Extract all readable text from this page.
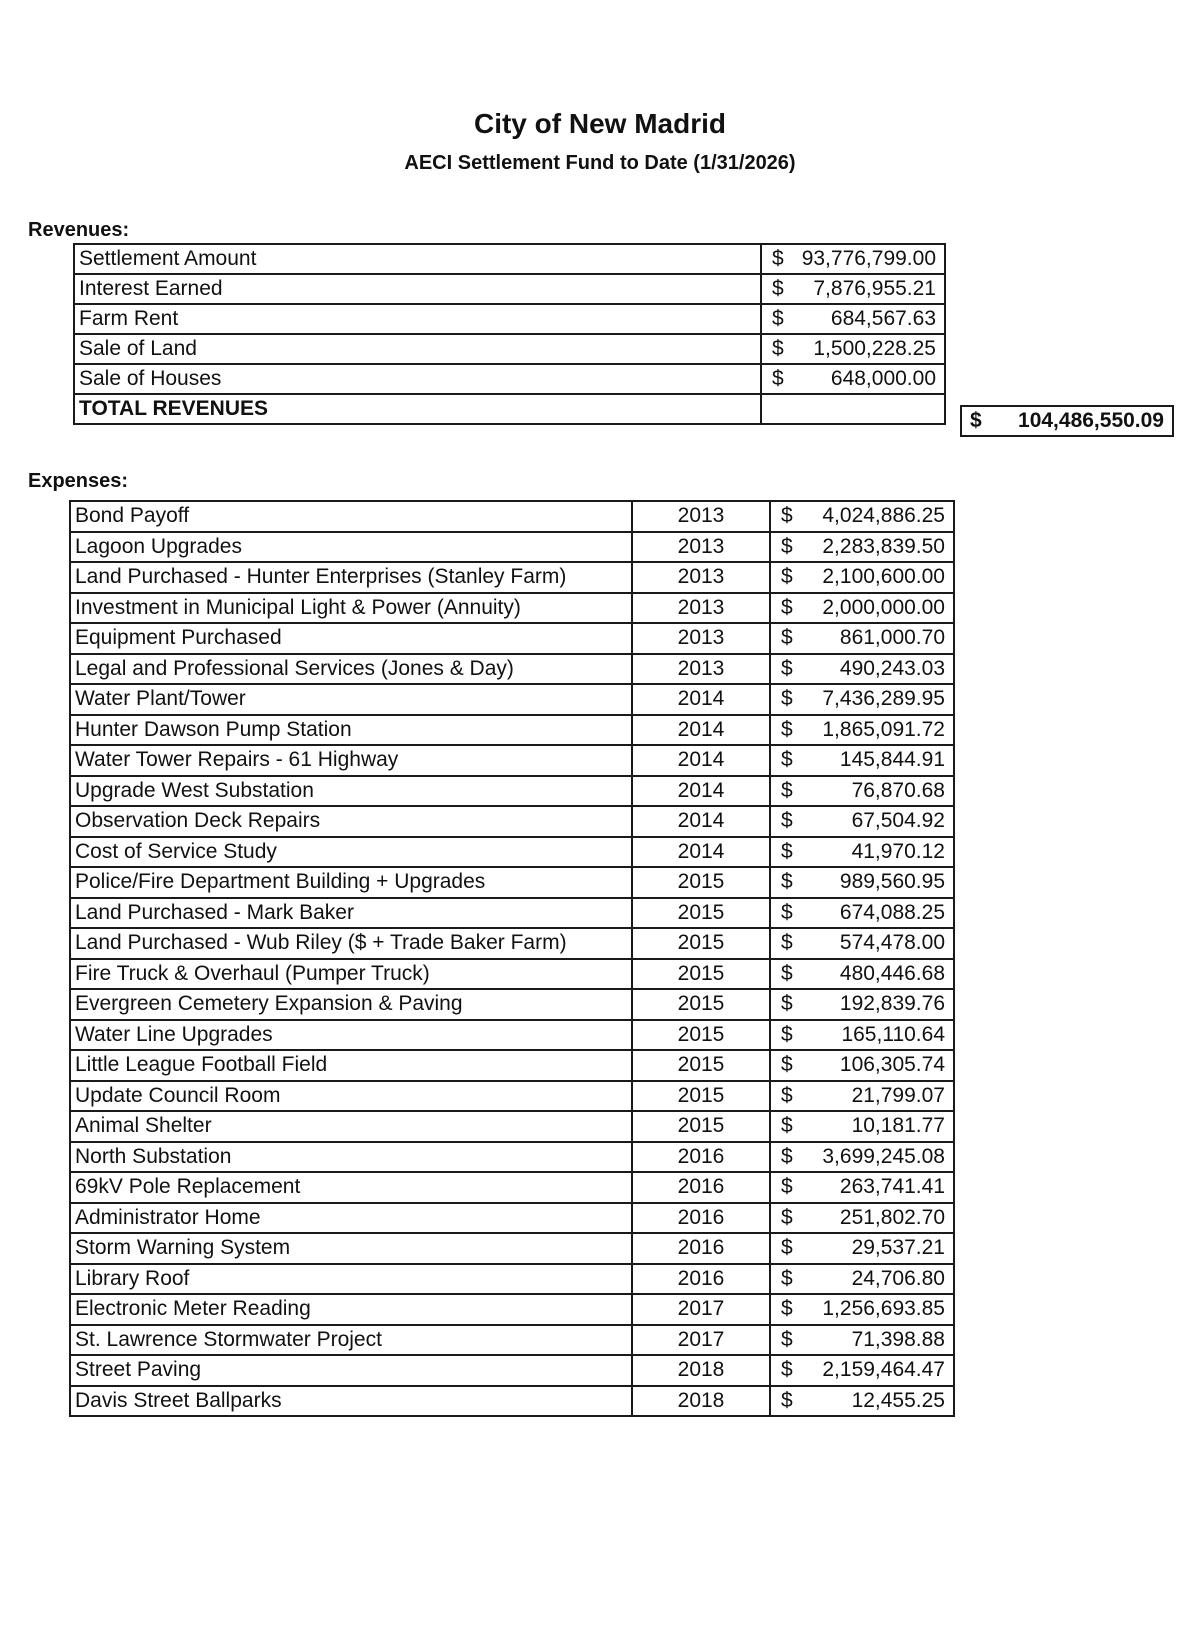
City of New Madrid
AECI Settlement Fund to Date (1/31/2026)
Revenues:
Settlement Amount	$ 93,776,799.00

Interest Earned	$ 7,876,955.21

Farm Rent	$ 684,567.63

Sale of Land	$ 1,500,228.25

Sale of Houses	$ 648,000.00

TOTAL REVENUES	
$ 104,486,550.09
Expenses:
Bond Payoff	2013	$ 4,024,886.25

Lagoon Upgrades	2013	$ 2,283,839.50

Land Purchased - Hunter Enterprises (Stanley Farm)	2013	$ 2,100,600.00

Investment in Municipal Light & Power (Annuity)	2013	$ 2,000,000.00

Equipment Purchased	2013	$ 861,000.70

Legal and Professional Services (Jones & Day)	2013	$ 490,243.03

Water Plant/Tower	2014	$ 7,436,289.95

Hunter Dawson Pump Station	2014	$ 1,865,091.72

Water Tower Repairs - 61 Highway	2014	$ 145,844.91

Upgrade West Substation	2014	$ 76,870.68

Observation Deck Repairs	2014	$ 67,504.92

Cost of Service Study	2014	$ 41,970.12

Police/Fire Department Building + Upgrades	2015	$ 989,560.95

Land Purchased - Mark Baker	2015	$ 674,088.25

Land Purchased - Wub Riley ($ + Trade Baker Farm)	2015	$ 574,478.00

Fire Truck & Overhaul (Pumper Truck)	2015	$ 480,446.68

Evergreen Cemetery Expansion & Paving	2015	$ 192,839.76

Water Line Upgrades	2015	$ 165,110.64

Little League Football Field	2015	$ 106,305.74

Update Council Room	2015	$ 21,799.07

Animal Shelter	2015	$ 10,181.77

North Substation	2016	$ 3,699,245.08

69kV Pole Replacement	2016	$ 263,741.41

Administrator Home	2016	$ 251,802.70

Storm Warning System	2016	$ 29,537.21

Library Roof	2016	$ 24,706.80

Electronic Meter Reading	2017	$ 1,256,693.85

St. Lawrence Stormwater Project	2017	$ 71,398.88

Street Paving	2018	$ 2,159,464.47

Davis Street Ballparks	2018	$ 12,455.25
